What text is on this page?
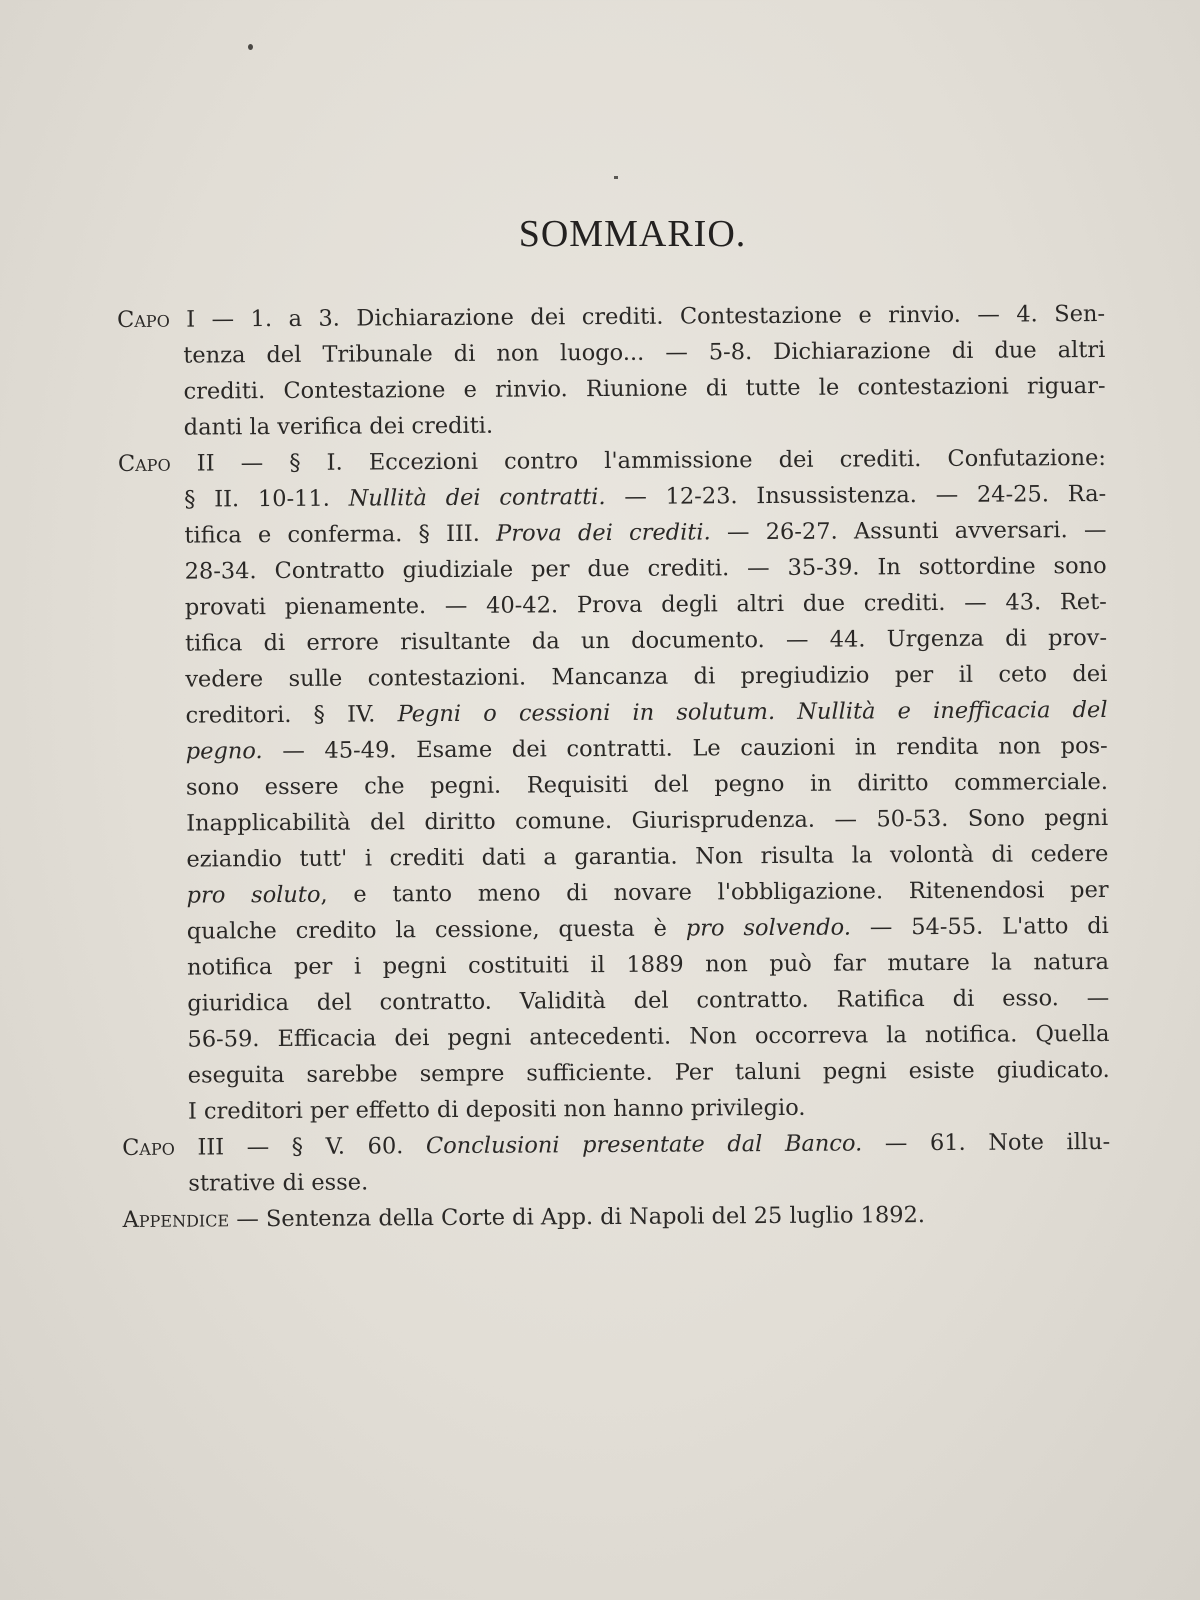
SOMMARIO.
Capo I — 1. a 3. Dichiarazione dei crediti. Contestazione e rinvio. — 4. Sen-
tenza del Tribunale di non luogo... — 5-8. Dichiarazione di due altri
crediti. Contestazione e rinvio. Riunione di tutte le contestazioni riguar-
danti la verifica dei crediti.
Capo II — § I. Eccezioni contro l'ammissione dei crediti. Confutazione:
§ II. 10-11. Nullità dei contratti. — 12-23. Insussistenza. — 24-25. Ra-
tifica e conferma. § III. Prova dei crediti. — 26-27. Assunti avversari. —
28-34. Contratto giudiziale per due crediti. — 35-39. In sottordine sono
provati pienamente. — 40-42. Prova degli altri due crediti. — 43. Ret-
tifica di errore risultante da un documento. — 44. Urgenza di prov-
vedere sulle contestazioni. Mancanza di pregiudizio per il ceto dei
creditori. § IV. Pegni o cessioni in solutum. Nullità e inefficacia del
pegno. — 45-49. Esame dei contratti. Le cauzioni in rendita non pos-
sono essere che pegni. Requisiti del pegno in diritto commerciale.
Inapplicabilità del diritto comune. Giurisprudenza. — 50-53. Sono pegni
eziandio tutt' i crediti dati a garantia. Non risulta la volontà di cedere
pro soluto, e tanto meno di novare l'obbligazione. Ritenendosi per
qualche credito la cessione, questa è pro solvendo. — 54-55. L'atto di
notifica per i pegni costituiti il 1889 non può far mutare la natura
giuridica del contratto. Validità del contratto. Ratifica di esso. —
56-59. Efficacia dei pegni antecedenti. Non occorreva la notifica. Quella
eseguita sarebbe sempre sufficiente. Per taluni pegni esiste giudicato.
I creditori per effetto di depositi non hanno privilegio.
Capo III — § V. 60. Conclusioni presentate dal Banco. — 61. Note illu-
strative di esse.
Appendice — Sentenza della Corte di App. di Napoli del 25 luglio 1892.
